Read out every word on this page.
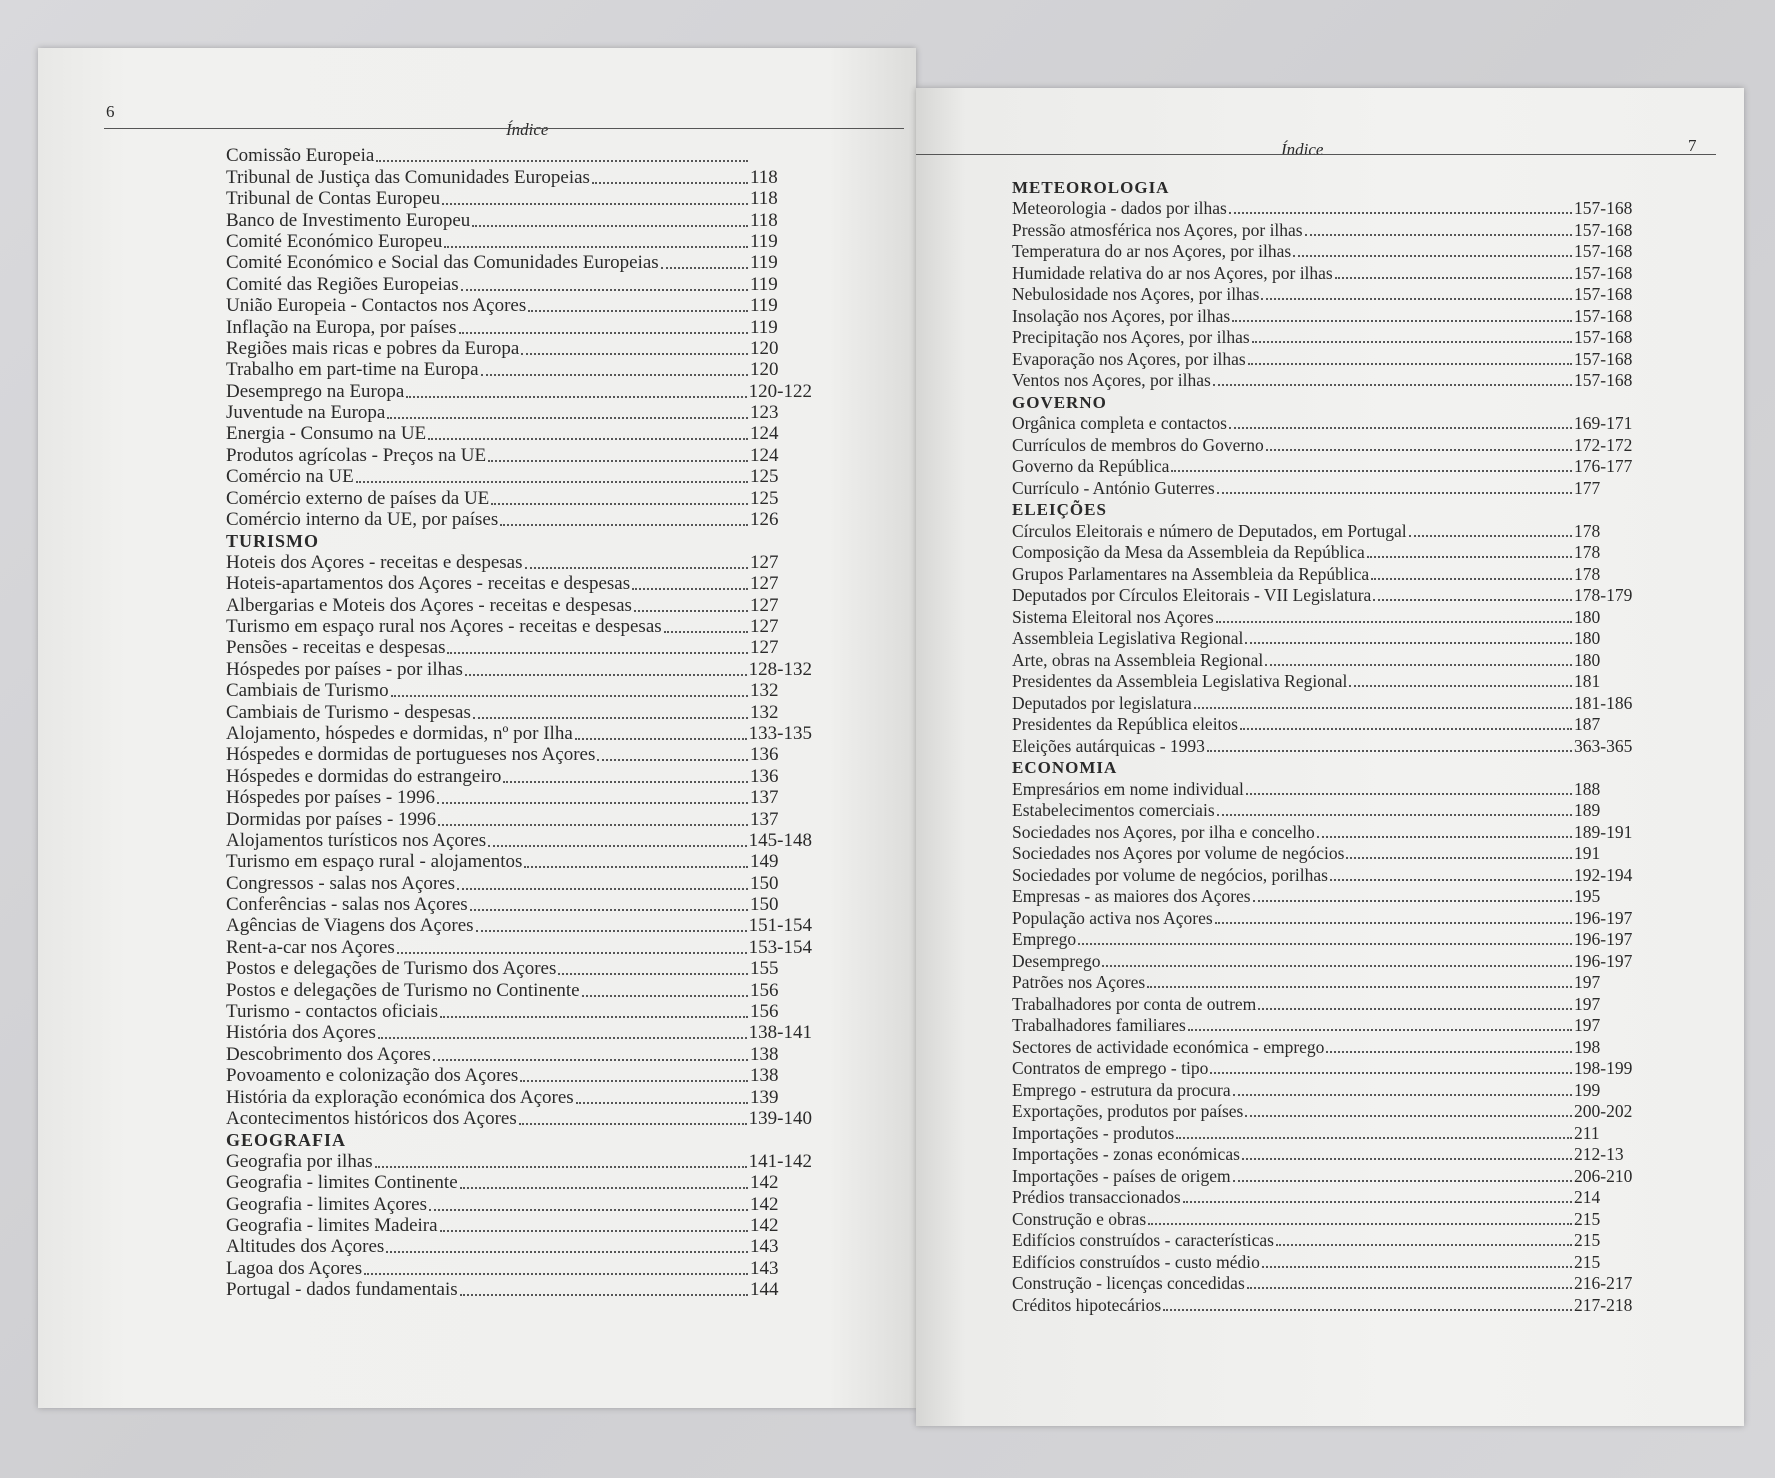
6
Índice
Comissão Europeia
Tribunal de Justiça das Comunidades Europeias	118
Tribunal de Contas Europeu	118
Banco de Investimento Europeu	118
Comité Económico Europeu	119
Comité Económico e Social das Comunidades Europeias	119
Comité das Regiões Europeias	119
União Europeia - Contactos nos Açores	119
Inflação na Europa, por países	119
Regiões mais ricas e pobres da Europa	120
Trabalho em part-time na Europa	120
Desemprego na Europa	120-122
Juventude na Europa	123
Energia - Consumo na UE	124
Produtos agrícolas - Preços na UE	124
Comércio na UE	125
Comércio externo de países da UE	125
Comércio interno da UE, por países	126
TURISMO
Hoteis dos Açores - receitas e despesas	127
Hoteis-apartamentos dos Açores - receitas e despesas	127
Albergarias e Moteis dos Açores - receitas e despesas	127
Turismo em espaço rural nos Açores - receitas e despesas	127
Pensões - receitas e despesas	127
Hóspedes por países - por ilhas	128-132
Cambiais de Turismo	132
Cambiais de Turismo - despesas	132
Alojamento, hóspedes e dormidas, nº por Ilha	133-135
Hóspedes e dormidas de portugueses nos Açores	136
Hóspedes e dormidas do estrangeiro	136
Hóspedes por países - 1996	137
Dormidas por países - 1996	137
Alojamentos turísticos nos Açores	145-148
Turismo em espaço rural - alojamentos	149
Congressos - salas nos Açores	150
Conferências - salas nos Açores	150
Agências de Viagens dos Açores	151-154
Rent-a-car nos Açores	153-154
Postos e delegações de Turismo dos Açores	155
Postos e delegações de Turismo no Continente	156
Turismo - contactos oficiais	156
História dos Açores	138-141
Descobrimento dos Açores	138
Povoamento e colonização dos Açores	138
História da exploração económica dos Açores	139
Acontecimentos históricos dos Açores	139-140
GEOGRAFIA
Geografia por ilhas	141-142
Geografia - limites Continente	142
Geografia - limites Açores	142
Geografia - limites Madeira	142
Altitudes dos Açores	143
Lagoa dos Açores	143
Portugal - dados fundamentais	144
7
Índice
METEOROLOGIA
Meteorologia - dados por ilhas	157-168
Pressão atmosférica nos Açores, por ilhas	157-168
Temperatura do ar nos Açores, por ilhas	157-168
Humidade relativa do ar nos Açores, por ilhas	157-168
Nebulosidade nos Açores, por ilhas	157-168
Insolação nos Açores, por ilhas	157-168
Precipitação nos Açores, por ilhas	157-168
Evaporação nos Açores, por ilhas	157-168
Ventos nos Açores, por ilhas	157-168
GOVERNO
Orgânica completa e contactos	169-171
Currículos de membros do Governo	172-172
Governo da República	176-177
Currículo - António Guterres	177
ELEIÇÕES
Círculos Eleitorais e número de Deputados, em Portugal	178
Composição da Mesa da Assembleia da República	178
Grupos Parlamentares na Assembleia da República	178
Deputados por Círculos Eleitorais - VII Legislatura	178-179
Sistema Eleitoral nos Açores	180
Assembleia Legislativa Regional	180
Arte, obras na Assembleia Regional	180
Presidentes da Assembleia Legislativa Regional	181
Deputados por legislatura	181-186
Presidentes da República eleitos	187
Eleições autárquicas - 1993	363-365
ECONOMIA
Empresários em nome individual	188
Estabelecimentos comerciais	189
Sociedades nos Açores, por ilha e concelho	189-191
Sociedades nos Açores por volume de negócios	191
Sociedades por volume de negócios, porilhas	192-194
Empresas - as maiores dos Açores	195
População activa nos Açores	196-197
Emprego	196-197
Desemprego	196-197
Patrões nos Açores	197
Trabalhadores por conta de outrem	197
Trabalhadores familiares	197
Sectores de actividade económica - emprego	198
Contratos de emprego - tipo	198-199
Emprego - estrutura da procura	199
Exportações, produtos por países	200-202
Importações - produtos	211
Importações - zonas económicas	212-13
Importações - países de origem	206-210
Prédios transaccionados	214
Construção e obras	215
Edifícios construídos - características	215
Edifícios construídos - custo médio	215
Construção - licenças concedidas	216-217
Créditos hipotecários	217-218
